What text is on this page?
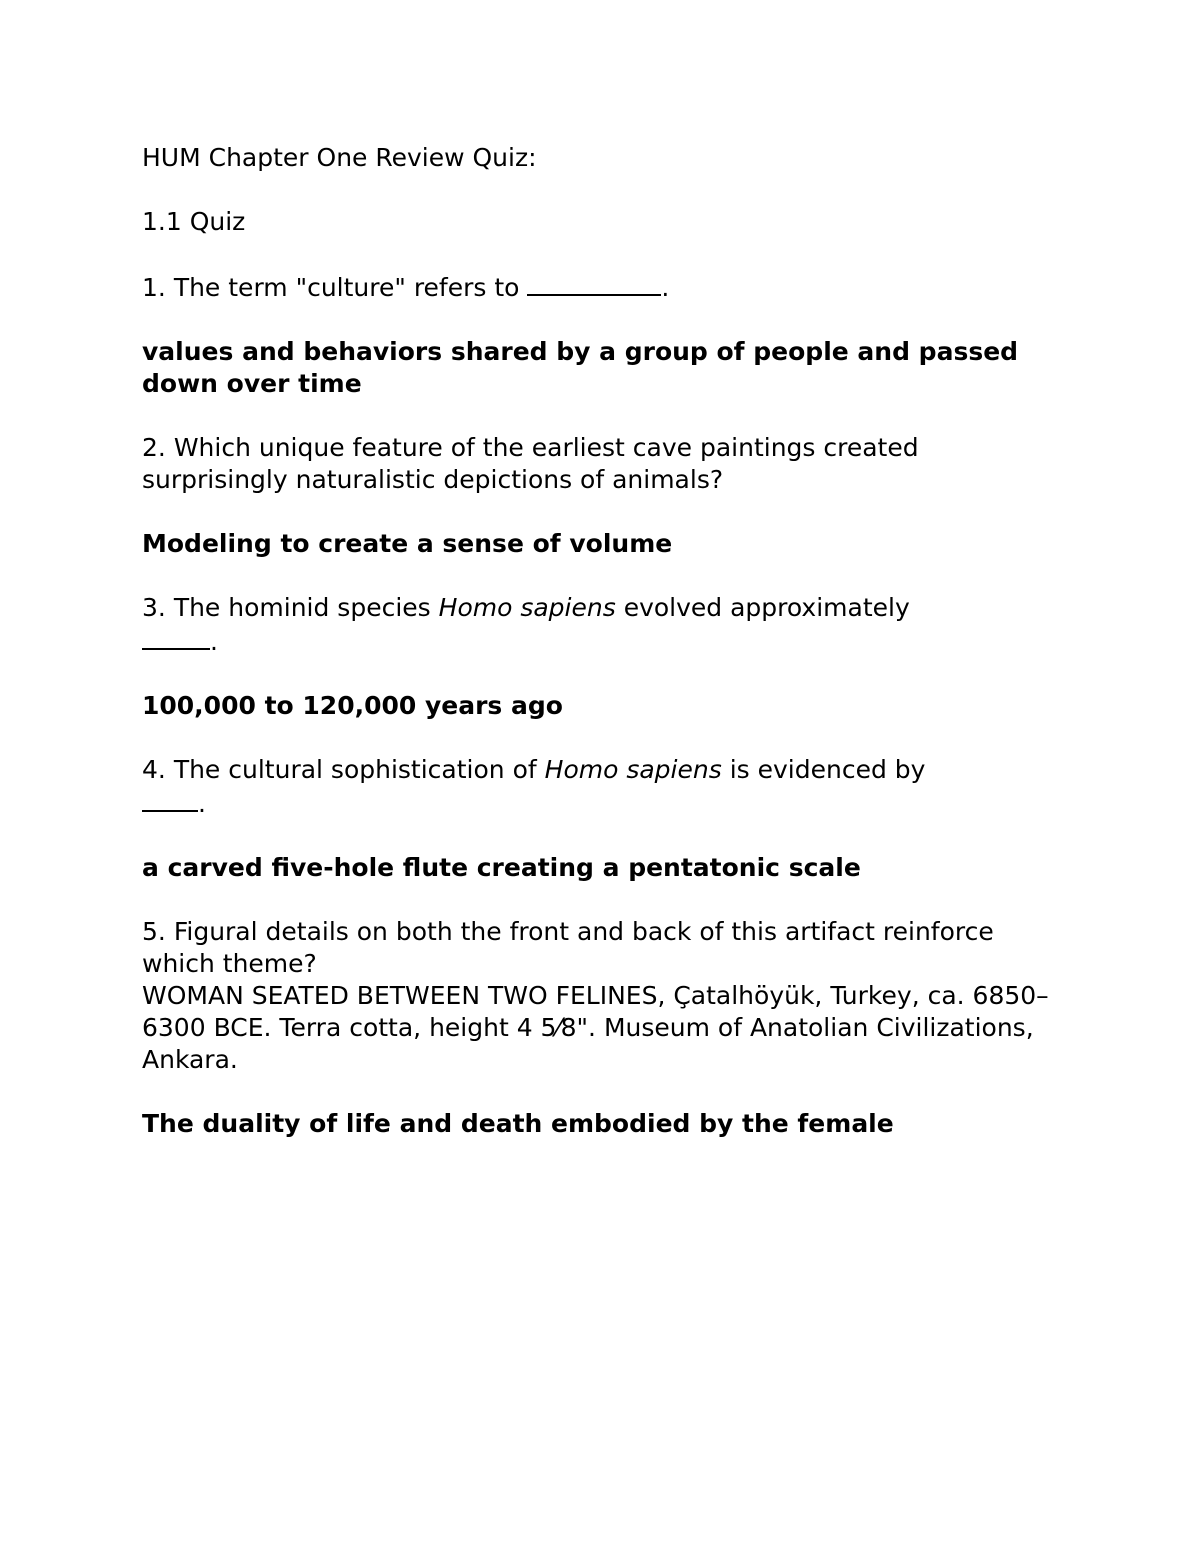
HUM Chapter One Review Quiz:

1.1 Quiz

1. The term "culture" refers to	.

values and behaviors shared by a group of people and passed down over time

2. Which unique feature of the earliest cave paintings created surprisingly naturalistic depictions of animals?

Modeling to create a sense of volume

3. The hominid species Homo sapiens evolved approximately
.

100,000 to 120,000 years ago

4. The cultural sophistication of Homo sapiens is evidenced by
.

a carved five-hole flute creating a pentatonic scale

5. Figural details on both the front and back of this artifact reinforce which theme?
WOMAN SEATED BETWEEN TWO FELINES, Çatalhöyük, Turkey, ca. 6850–6300 BCE. Terra cotta, height 4 5⁄8". Museum of Anatolian Civilizations, Ankara.

The duality of life and death embodied by the female
